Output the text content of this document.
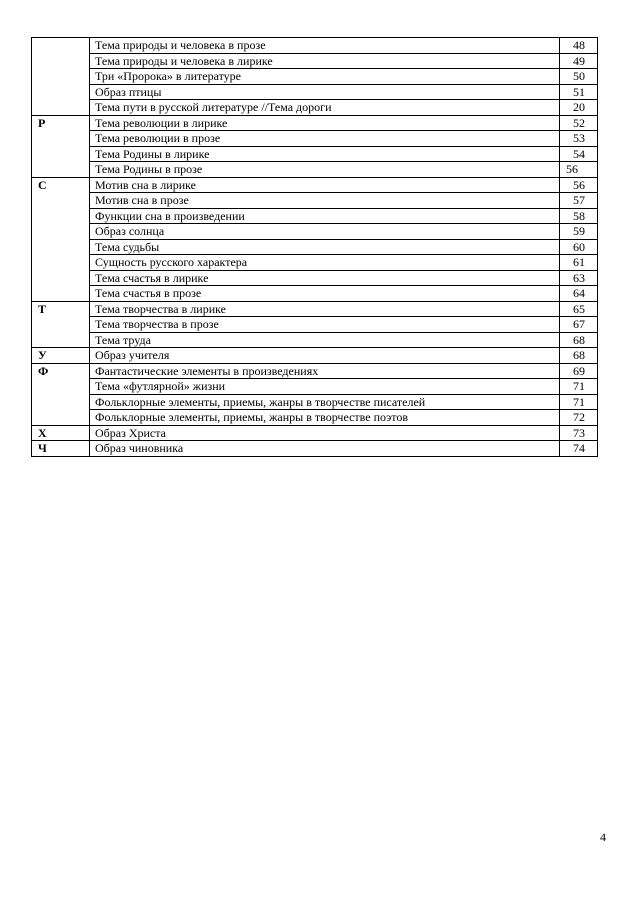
	Тема природы и человека в прозе	48
	Тема природы и человека в лирике	49
	Три «Пророка» в литературе	50
	Образ птицы	51
	Тема пути в русской литературе //Тема дороги	20
Р	Тема революции в лирике	52
	Тема революции в прозе	53
	Тема Родины в лирике	54
	Тема Родины в прозе	56
С	Мотив сна в лирике	56
	Мотив сна в прозе	57
	Функции сна в произведении	58
	Образ солнца	59
	Тема судьбы	60
	Сущность русского характера	61
	Тема счастья в лирике	63
	Тема счастья в прозе	64
Т	Тема творчества в лирике	65
	Тема творчества в прозе	67
	Тема труда	68
У	Образ учителя	68
Ф	Фантастические элементы в произведениях	69
	Тема «футлярной» жизни	71
	Фольклорные элементы, приемы, жанры в творчестве писателей	71
	Фольклорные элементы, приемы, жанры в творчестве поэтов	72
Х	Образ Христа	73
Ч	Образ чиновника	74
4
